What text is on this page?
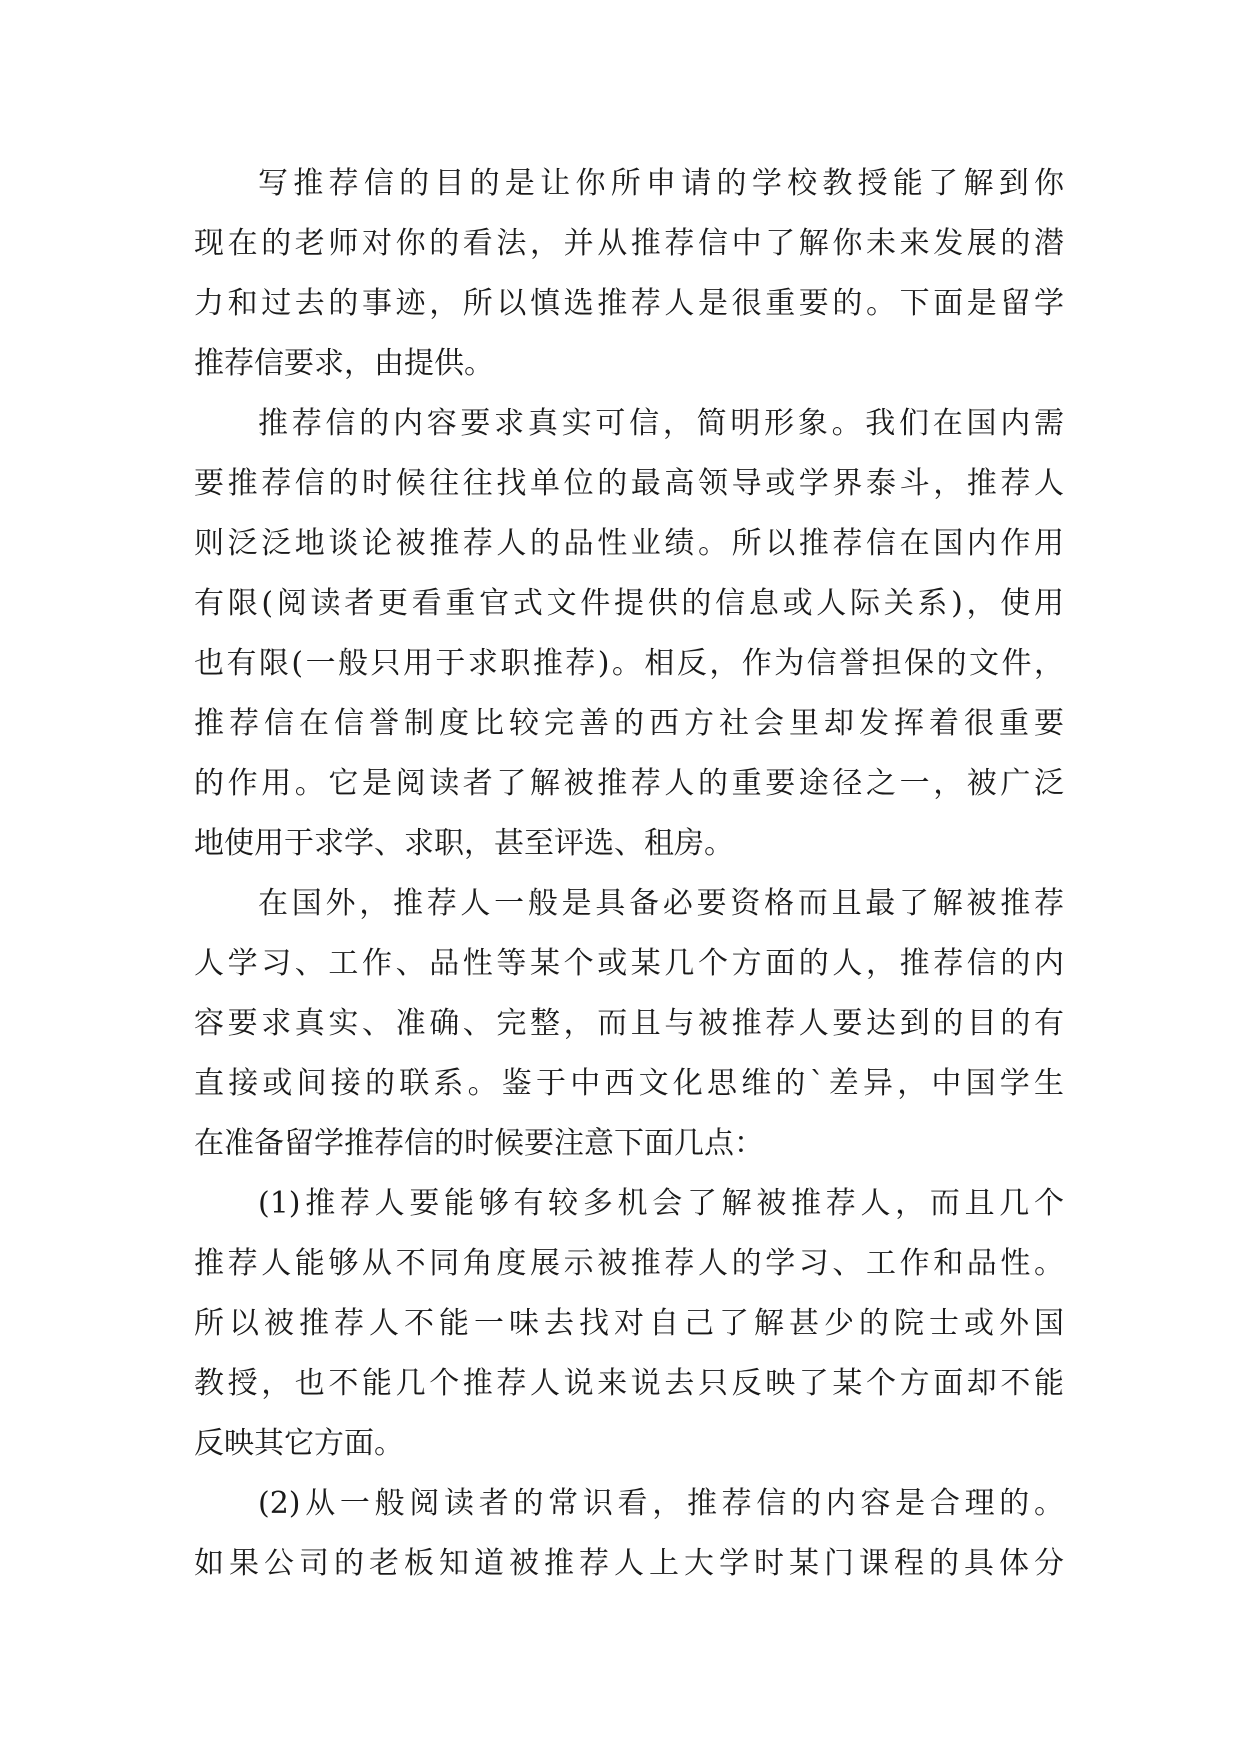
写推荐信的目的是让你所申请的学校教授能了解到你
现在的老师对你的看法，并从推荐信中了解你未来发展的潜
力和过去的事迹，所以慎选推荐人是很重要的。下面是留学
推荐信要求，由提供。
推荐信的内容要求真实可信，简明形象。我们在国内需
要推荐信的时候往往找单位的最高领导或学界泰斗，推荐人
则泛泛地谈论被推荐人的品性业绩。所以推荐信在国内作用
有限(阅读者更看重官式文件提供的信息或人际关系)，使用
也有限(一般只用于求职推荐)。相反，作为信誉担保的文件，
推荐信在信誉制度比较完善的西方社会里却发挥着很重要
的作用。它是阅读者了解被推荐人的重要途径之一，被广泛
地使用于求学、求职，甚至评选、租房。
在国外，推荐人一般是具备必要资格而且最了解被推荐
人学习、工作、品性等某个或某几个方面的人，推荐信的内
容要求真实、准确、完整，而且与被推荐人要达到的目的有
直接或间接的联系。鉴于中西文化思维的`差异，中国学生
在准备留学推荐信的时候要注意下面几点：
(1)推荐人要能够有较多机会了解被推荐人，而且几个
推荐人能够从不同角度展示被推荐人的学习、工作和品性。
所以被推荐人不能一味去找对自己了解甚少的院士或外国
教授，也不能几个推荐人说来说去只反映了某个方面却不能
反映其它方面。
(2)从一般阅读者的常识看，推荐信的内容是合理的。
如果公司的老板知道被推荐人上大学时某门课程的具体分
